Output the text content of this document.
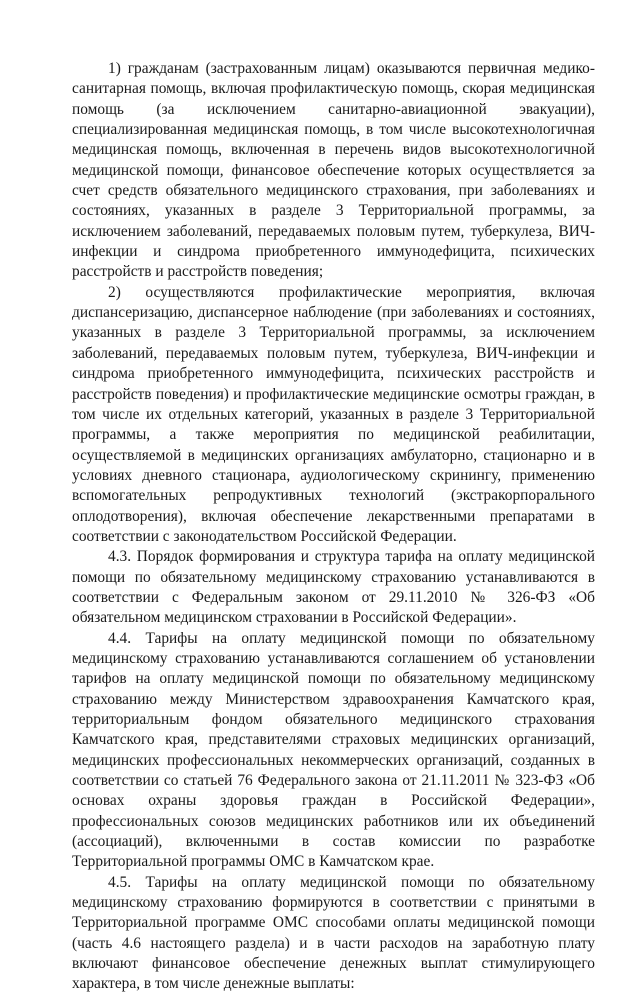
1) гражданам (застрахованным лицам) оказываются первичная медико-санитарная помощь, включая профилактическую помощь, скорая медицинская помощь (за исключением санитарно-авиационной эвакуации), специализированная медицинская помощь, в том числе высокотехнологичная медицинская помощь, включенная в перечень видов высокотехнологичной медицинской помощи, финансовое обеспечение которых осуществляется за счет средств обязательного медицинского страхования, при заболеваниях и состояниях, указанных в разделе 3 Территориальной программы, за исключением заболеваний, передаваемых половым путем, туберкулеза, ВИЧ-инфекции и синдрома приобретенного иммунодефицита, психических расстройств и расстройств поведения;

2) осуществляются профилактические мероприятия, включая диспансеризацию, диспансерное наблюдение (при заболеваниях и состояниях, указанных в разделе 3 Территориальной программы, за исключением заболеваний, передаваемых половым путем, туберкулеза, ВИЧ-инфекции и синдрома приобретенного иммунодефицита, психических расстройств и расстройств поведения) и профилактические медицинские осмотры граждан, в том числе их отдельных категорий, указанных в разделе 3 Территориальной программы, а также мероприятия по медицинской реабилитации, осуществляемой в медицинских организациях амбулаторно, стационарно и в условиях дневного стационара, аудиологическому скринингу, применению вспомогательных репродуктивных технологий (экстракорпорального оплодотворения), включая обеспечение лекарственными препаратами в соответствии с законодательством Российской Федерации.

4.3. Порядок формирования и структура тарифа на оплату медицинской помощи по обязательному медицинскому страхованию устанавливаются в соответствии с Федеральным законом от 29.11.2010 № 326-ФЗ «Об обязательном медицинском страховании в Российской Федерации».

4.4. Тарифы на оплату медицинской помощи по обязательному медицинскому страхованию устанавливаются соглашением об установлении тарифов на оплату медицинской помощи по обязательному медицинскому страхованию между Министерством здравоохранения Камчатского края, территориальным фондом обязательного медицинского страхования Камчатского края, представителями страховых медицинских организаций, медицинских профессиональных некоммерческих организаций, созданных в соответствии со статьей 76 Федерального закона от 21.11.2011 № 323-ФЗ «Об основах охраны здоровья граждан в Российской Федерации», профессиональных союзов медицинских работников или их объединений (ассоциаций), включенными в состав комиссии по разработке Территориальной программы ОМС в Камчатском крае.

4.5. Тарифы на оплату медицинской помощи по обязательному медицинскому страхованию формируются в соответствии с принятыми в Территориальной программе ОМС способами оплаты медицинской помощи (часть 4.6 настоящего раздела) и в части расходов на заработную плату включают финансовое обеспечение денежных выплат стимулирующего характера, в том числе денежные выплаты:
